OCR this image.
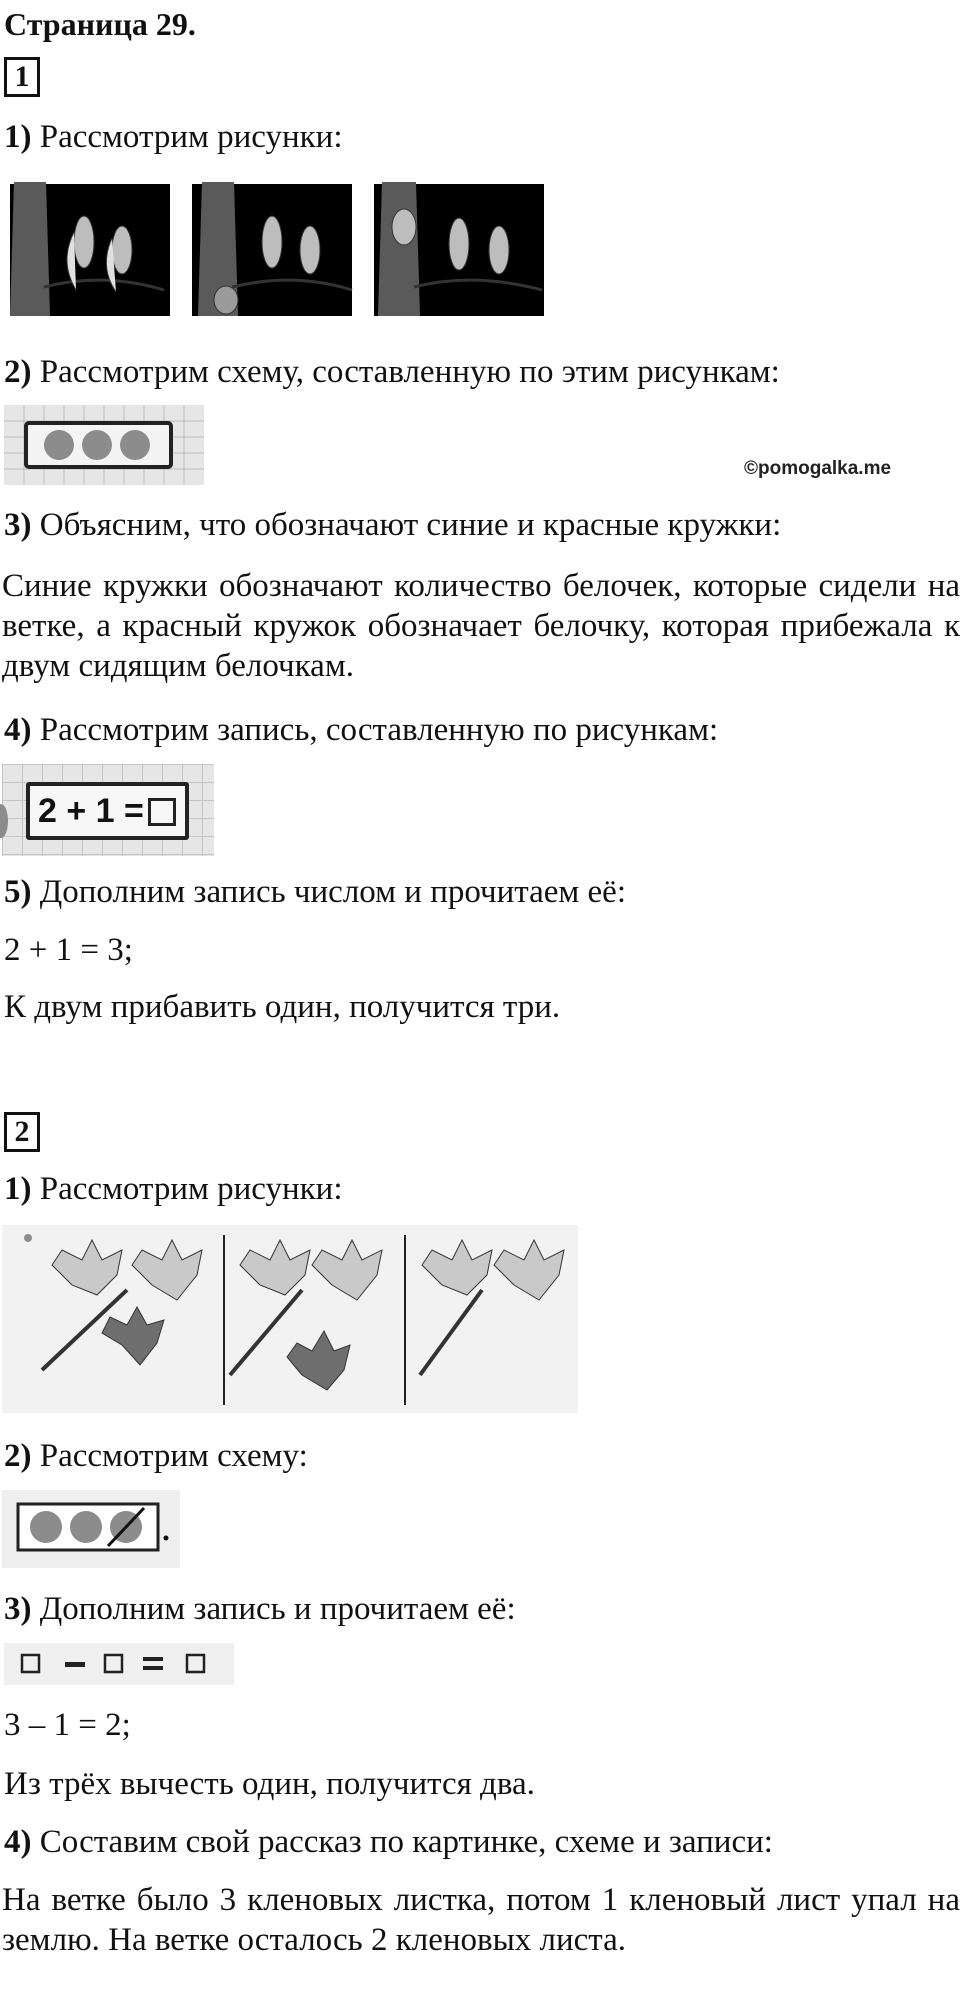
Страница 29.
1
1) Рассмотрим рисунки:
2) Рассмотрим схему, составленную по этим рисункам:
©pomogalka.me
3) Объясним, что обозначают синие и красные кружки:
Синие кружки обозначают количество белочек, которые сидели на ветке, а красный кружок обозначает белочку, которая прибежала к двум сидящим белочкам.
4) Рассмотрим запись, составленную по рисункам:
2 + 1 =
5) Дополним запись числом и прочитаем её:
2 + 1 = 3;
К двум прибавить один, получится три.
2
1) Рассмотрим рисунки:
2) Рассмотрим схему:
3) Дополним запись и прочитаем её:
3 – 1 = 2;
Из трёх вычесть один, получится два.
4) Составим свой рассказ по картинке, схеме и записи:
На ветке было 3 кленовых листка, потом 1 кленовый лист упал на землю. На ветке осталось 2 кленовых листа.
